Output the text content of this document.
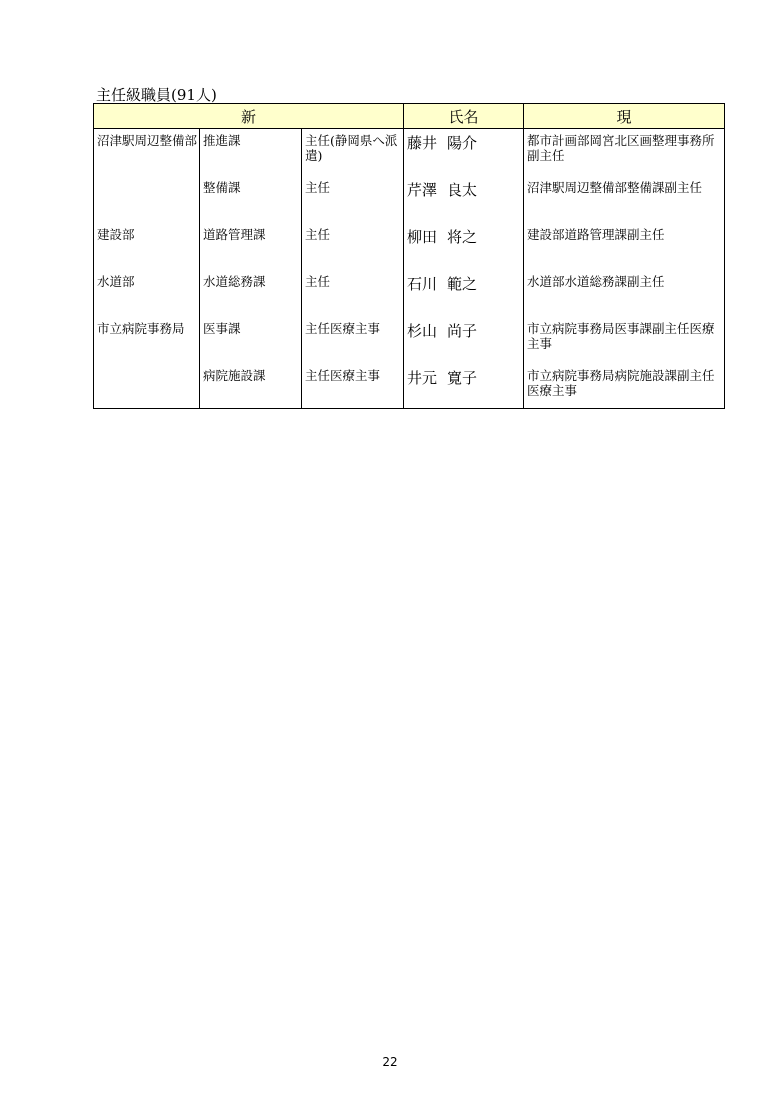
主任級職員(91人)
新			氏名	現

沼津駅周辺整備部	推進課	主任(静岡県へ派遣)	藤井 陽介	都市計画部岡宮北区画整理事務所副主任

	整備課	主任	芹澤 良太	沼津駅周辺整備部整備課副主任

建設部	道路管理課	主任	柳田 将之	建設部道路管理課副主任

水道部	水道総務課	主任	石川 範之	水道部水道総務課副主任

市立病院事務局	医事課	主任医療主事	杉山 尚子	市立病院事務局医事課副主任医療主事

	病院施設課	主任医療主事	井元 寛子	市立病院事務局病院施設課副主任医療主事
22
